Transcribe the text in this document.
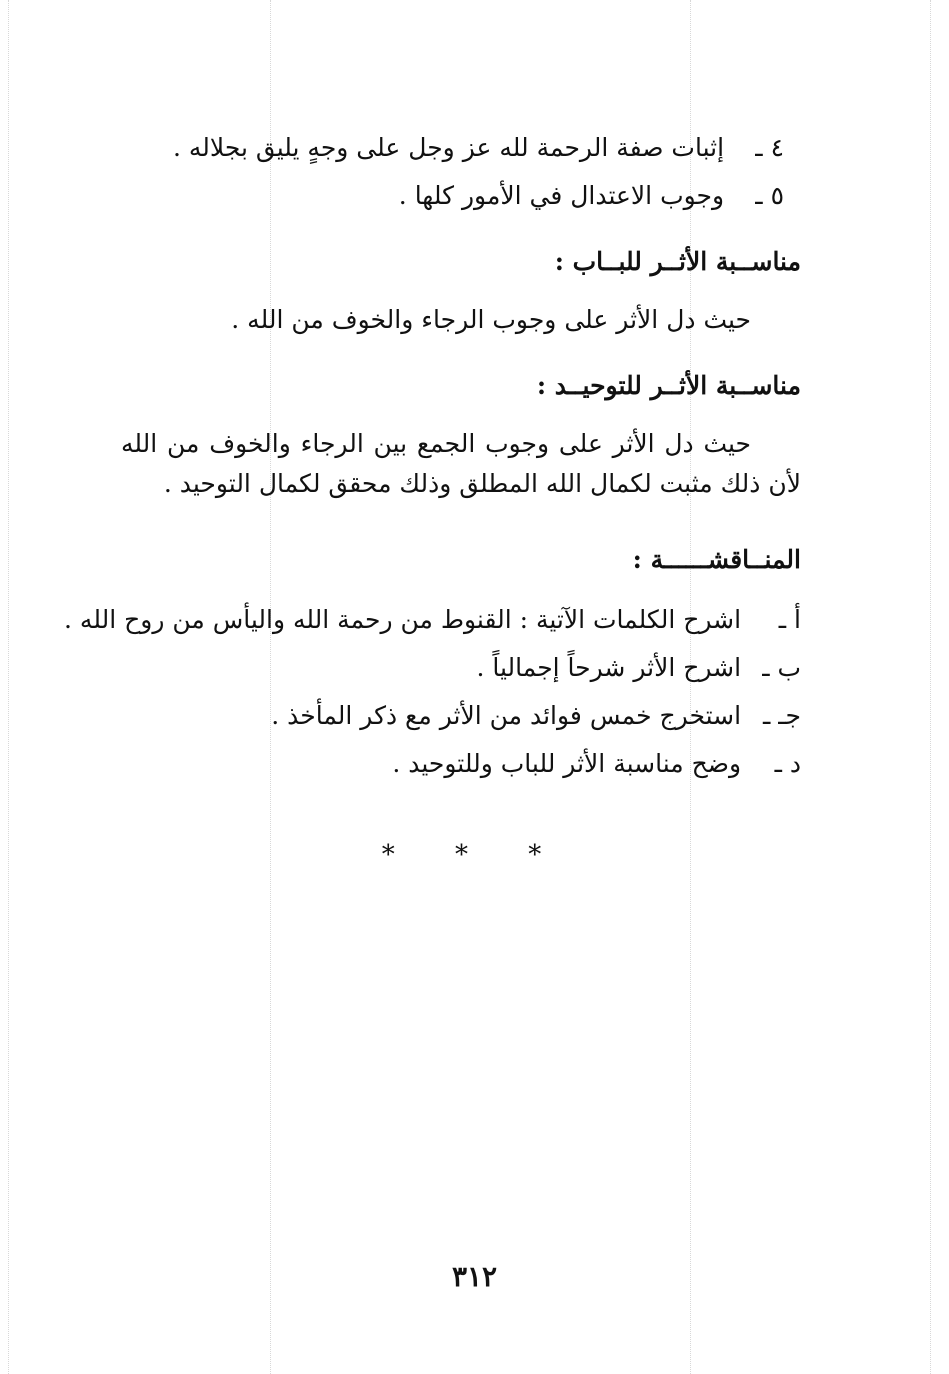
٤ ـ إثبات صفة الرحمة لله عز وجل على وجهٍ يليق بجلاله .
٥ ـ وجوب الاعتدال في الأمور كلها .
مناســبة الأثــر للبــاب :
حيث دل الأثر على وجوب الرجاء والخوف من الله .
مناســبة الأثــر للتوحيــد :
حيث دل الأثر على وجوب الجمع بين الرجاء والخوف من الله لأن ذلك مثبت لكمال الله المطلق وذلك محقق لكمال التوحيد .
المنــاقشــــــة :
أ ـ اشرح الكلمات الآتية : القنوط من رحمة الله واليأس من روح الله .
ب ـ اشرح الأثر شرحاً إجمالياً .
جـ ـ استخرج خمس فوائد من الأثر مع ذكر المأخذ .
د ـ وضح مناسبة الأثر للباب وللتوحيد .
* * *
٣١٢
